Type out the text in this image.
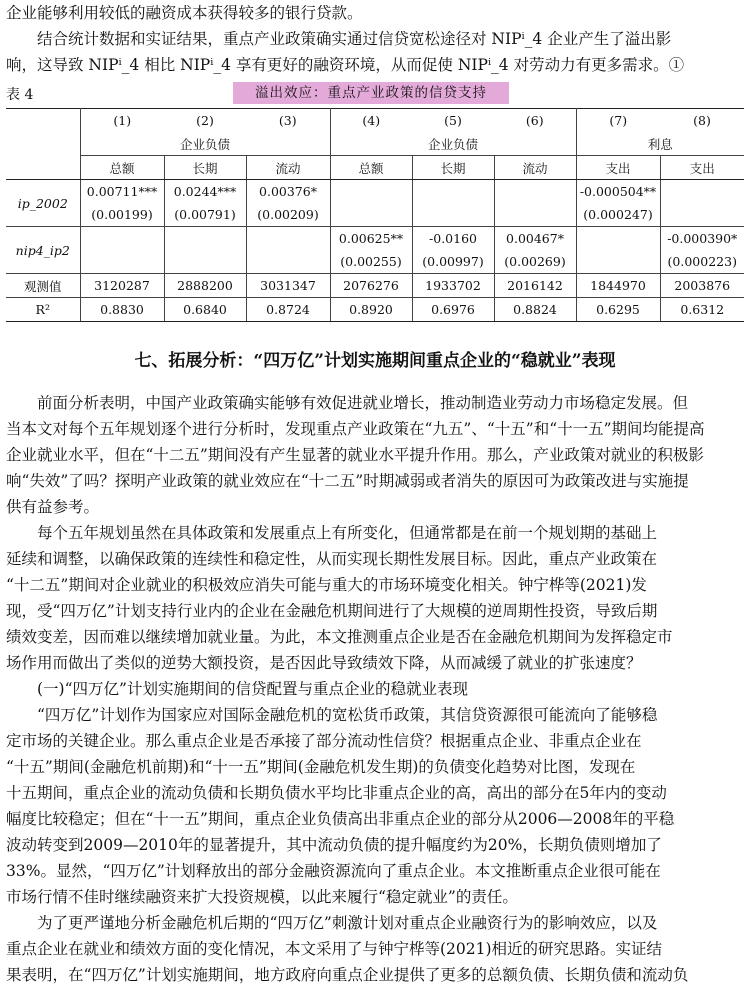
企业能够利用较低的融资成本获得较多的银行贷款。
结合统计数据和实证结果，重点产业政策确实通过信贷宽松途径对 NIPⁱ_4 企业产生了溢出影
响，这导致 NIPⁱ_4 相比 NIPⁱ_4 享有更好的融资环境，从而促使 NIPⁱ_4 对劳动力有更多需求。①
表 4	溢出效应：重点产业政策的信贷支持
	(1)	(2)	(3)	(4)	(5)	(6)	(7)	(8)
	企业负债			企业负债			利息	
	总额	长期	流动	总额	长期	流动	支出	支出
ip_2002	0.00711***	0.0244***	0.00376*				-0.000504**	
	(0.00199)	(0.00791)	(0.00209)				(0.000247)	
nip4_ip2				0.00625**	-0.0160	0.00467*		-0.000390*
				(0.00255)	(0.00997)	(0.00269)		(0.000223)
观测值	3120287	2888200	3031347	2076276	1933702	2016142	1844970	2003876
R²	0.8830	0.6840	0.8724	0.8920	0.6976	0.8824	0.6295	0.6312
七、拓展分析：“四万亿”计划实施期间重点企业的“稳就业”表现
前面分析表明，中国产业政策确实能够有效促进就业增长，推动制造业劳动力市场稳定发展。但
当本文对每个五年规划逐个进行分析时，发现重点产业政策在“九五”、“十五”和“十一五”期间均能提高
企业就业水平，但在“十二五”期间没有产生显著的就业水平提升作用。那么，产业政策对就业的积极影
响“失效”了吗？探明产业政策的就业效应在“十二五”时期减弱或者消失的原因可为政策改进与实施提
供有益参考。
每个五年规划虽然在具体政策和发展重点上有所变化，但通常都是在前一个规划期的基础上
延续和调整，以确保政策的连续性和稳定性，从而实现长期性发展目标。因此，重点产业政策在
“十二五”期间对企业就业的积极效应消失可能与重大的市场环境变化相关。钟宁桦等(2021)发
现，受“四万亿”计划支持行业内的企业在金融危机期间进行了大规模的逆周期性投资，导致后期
绩效变差，因而难以继续增加就业量。为此，本文推测重点企业是否在金融危机期间为发挥稳定市
场作用而做出了类似的逆势大额投资，是否因此导致绩效下降，从而减缓了就业的扩张速度？
(一)“四万亿”计划实施期间的信贷配置与重点企业的稳就业表现
“四万亿”计划作为国家应对国际金融危机的宽松货币政策，其信贷资源很可能流向了能够稳
定市场的关键企业。那么重点企业是否承接了部分流动性信贷？根据重点企业、非重点企业在
“十五”期间(金融危机前期)和“十一五”期间(金融危机发生期)的负债变化趋势对比图，发现在
十五期间，重点企业的流动负债和长期负债水平均比非重点企业的高，高出的部分在5年内的变动
幅度比较稳定；但在“十一五”期间，重点企业负债高出非重点企业的部分从2006—2008年的平稳
波动转变到2009—2010年的显著提升，其中流动负债的提升幅度约为20%，长期负债则增加了
33%。显然，“四万亿”计划释放出的部分金融资源流向了重点企业。本文推断重点企业很可能在
市场行情不佳时继续融资来扩大投资规模，以此来履行“稳定就业”的责任。
为了更严谨地分析金融危机后期的“四万亿”刺激计划对重点企业融资行为的影响效应，以及
重点企业在就业和绩效方面的变化情况，本文采用了与钟宁桦等(2021)相近的研究思路。实证结
果表明，在“四万亿”计划实施期间，地方政府向重点企业提供了更多的总额负债、长期负债和流动负
